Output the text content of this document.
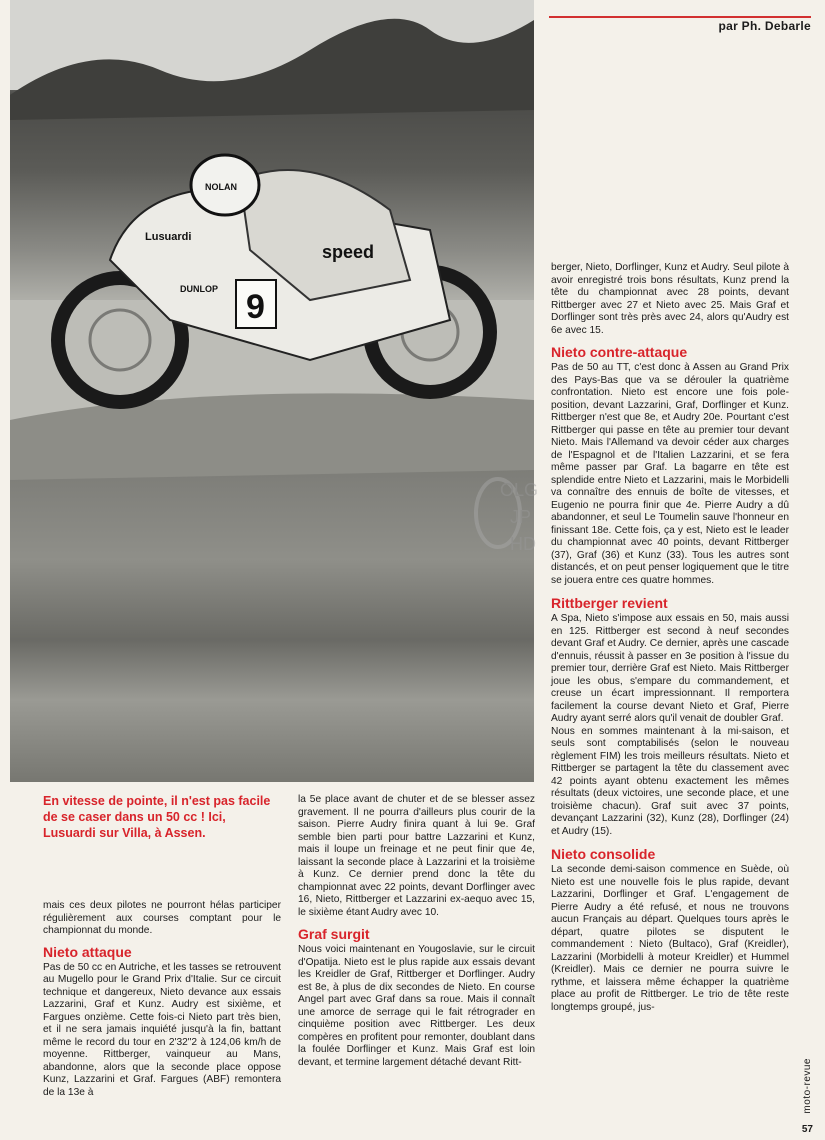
NOLAN
Lusuardi
DUNLOP
speed
9
par Ph. Debarle
OLG
JP
HD
En vitesse de pointe, il n'est pas facile de se caser dans un 50 cc ! Ici, Lusuardi sur Villa, à Assen.

mais ces deux pilotes ne pourront hélas participer régulièrement aux courses comptant pour le championnat du monde.

Nieto attaque

Pas de 50 cc en Autriche, et les tasses se retrouvent au Mugello pour le Grand Prix d'Italie. Sur ce circuit technique et dangereux, Nieto devance aux essais Lazzarini, Graf et Kunz. Audry est sixième, et Fargues onzième. Cette fois-ci Nieto part très bien, et il ne sera jamais inquiété jusqu'à la fin, battant même le record du tour en 2'32"2 à 124,06 km/h de moyenne. Rittberger, vainqueur au Mans, abandonne, alors que la seconde place oppose Kunz, Lazzarini et Graf. Fargues (ABF) remontera de la 13e à

la 5e place avant de chuter et de se blesser assez gravement. Il ne pourra d'ailleurs plus courir de la saison. Pierre Audry finira quant à lui 9e. Graf semble bien parti pour battre Lazzarini et Kunz, mais il loupe un freinage et ne peut finir que 4e, laissant la seconde place à Lazzarini et la troisième à Kunz. Ce dernier prend donc la tête du championnat avec 22 points, devant Dorflinger avec 16, Nieto, Rittberger et Lazzarini ex-aequo avec 15, le sixième étant Audry avec 10.

Graf surgit

Nous voici maintenant en Yougoslavie, sur le circuit d'Opatija. Nieto est le plus rapide aux essais devant les Kreidler de Graf, Rittberger et Dorflinger. Audry est 8e, à plus de dix secondes de Nieto. En course Angel part avec Graf dans sa roue. Mais il connaît une amorce de serrage qui le fait rétrograder en cinquième position avec Rittberger. Les deux compères en profitent pour remonter, doublant dans la foulée Dorflinger et Kunz. Mais Graf est loin devant, et termine largement détaché devant Ritt-

berger, Nieto, Dorflinger, Kunz et Audry. Seul pilote à avoir enregistré trois bons résultats, Kunz prend la tête du championnat avec 28 points, devant Rittberger avec 27 et Nieto avec 25. Mais Graf et Dorflinger sont très près avec 24, alors qu'Audry est 6e avec 15.

Nieto contre-attaque

Pas de 50 au TT, c'est donc à Assen au Grand Prix des Pays-Bas que va se dérouler la quatrième confrontation. Nieto est encore une fois pole-position, devant Lazzarini, Graf, Dorflinger et Kunz. Rittberger n'est que 8e, et Audry 20e. Pourtant c'est Rittberger qui passe en tête au premier tour devant Nieto. Mais l'Allemand va devoir céder aux charges de l'Espagnol et de l'Italien Lazzarini, et se fera même passer par Graf. La bagarre en tête est splendide entre Nieto et Lazzarini, mais le Morbidelli va connaître des ennuis de boîte de vitesses, et Eugenio ne pourra finir que 4e. Pierre Audry a dû abandonner, et seul Le Toumelin sauve l'honneur en finissant 18e. Cette fois, ça y est, Nieto est le leader du championnat avec 40 points, devant Rittberger (37), Graf (36) et Kunz (33). Tous les autres sont distancés, et on peut penser logiquement que le titre se jouera entre ces quatre hommes.

Rittberger revient

A Spa, Nieto s'impose aux essais en 50, mais aussi en 125. Rittberger est second à neuf secondes devant Graf et Audry. Ce dernier, après une cascade d'ennuis, réussit à passer en 3e position à l'issue du premier tour, derrière Graf est Nieto. Mais Rittberger joue les obus, s'empare du commandement, et creuse un écart impressionnant. Il remportera facilement la course devant Nieto et Graf, Pierre Audry ayant serré alors qu'il venait de doubler Graf.

Nous en sommes maintenant à la mi-saison, et seuls sont comptabilisés (selon le nouveau règlement FIM) les trois meilleurs résultats. Nieto et Rittberger se partagent la tête du classement avec 42 points ayant obtenu exactement les mêmes résultats (deux victoires, une seconde place, et une troisième chacun). Graf suit avec 37 points, devançant Lazzarini (32), Kunz (28), Dorflinger (24) et Audry (15).

Nieto consolide

La seconde demi-saison commence en Suède, où Nieto est une nouvelle fois le plus rapide, devant Lazzarini, Dorflinger et Graf. L'engagement de Pierre Audry a été refusé, et nous ne trouvons aucun Français au départ. Quelques tours après le départ, quatre pilotes se disputent le commandement : Nieto (Bultaco), Graf (Kreidler), Lazzarini (Morbidelli à moteur Kreidler) et Hummel (Kreidler). Mais ce dernier ne pourra suivre le rythme, et laissera même échapper la quatrième place au profit de Rittberger. Le trio de tête reste longtemps groupé, jus-

moto-revue
57
